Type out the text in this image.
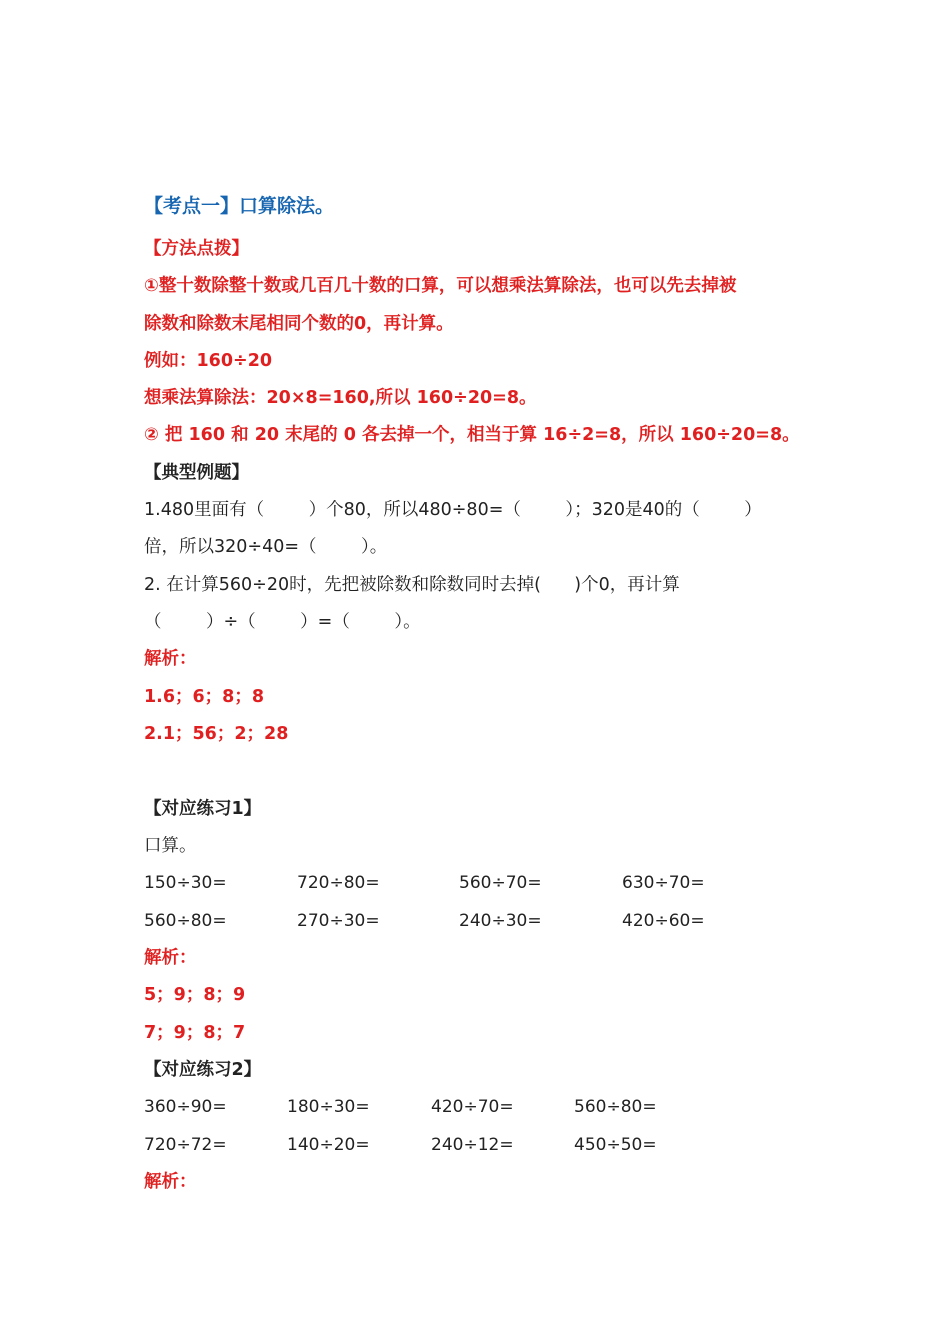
【考点一】口算除法。
【方法点拨】
①整十数除整十数或几百几十数的口算，可以想乘法算除法，也可以先去掉被
除数和除数末尾相同个数的0，再计算。
例如：160÷20
想乘法算除法：20×8=160,所以 160÷20=8。
② 把 160 和 20 末尾的 0 各去掉一个，相当于算 16÷2=8，所以 160÷20=8。
【典型例题】
1.480里面有（        ）个80，所以480÷80=（        ）；320是40的（        ）
倍，所以320÷40=（        ）。
2. 在计算560÷20时，先把被除数和除数同时去掉(      )个0，再计算
（        ）÷（        ）=（        ）。
解析：
1.6；6；8；8
2.1；56；2；28
【对应练习1】
口算。
150÷30=	720÷80=	560÷70=	630÷70=
560÷80=	270÷30=	240÷30=	420÷60=
解析：
5；9；8；9
7；9；8；7
【对应练习2】
360÷90=	180÷30=	420÷70=	560÷80=
720÷72=	140÷20=	240÷12=	450÷50=
解析：
